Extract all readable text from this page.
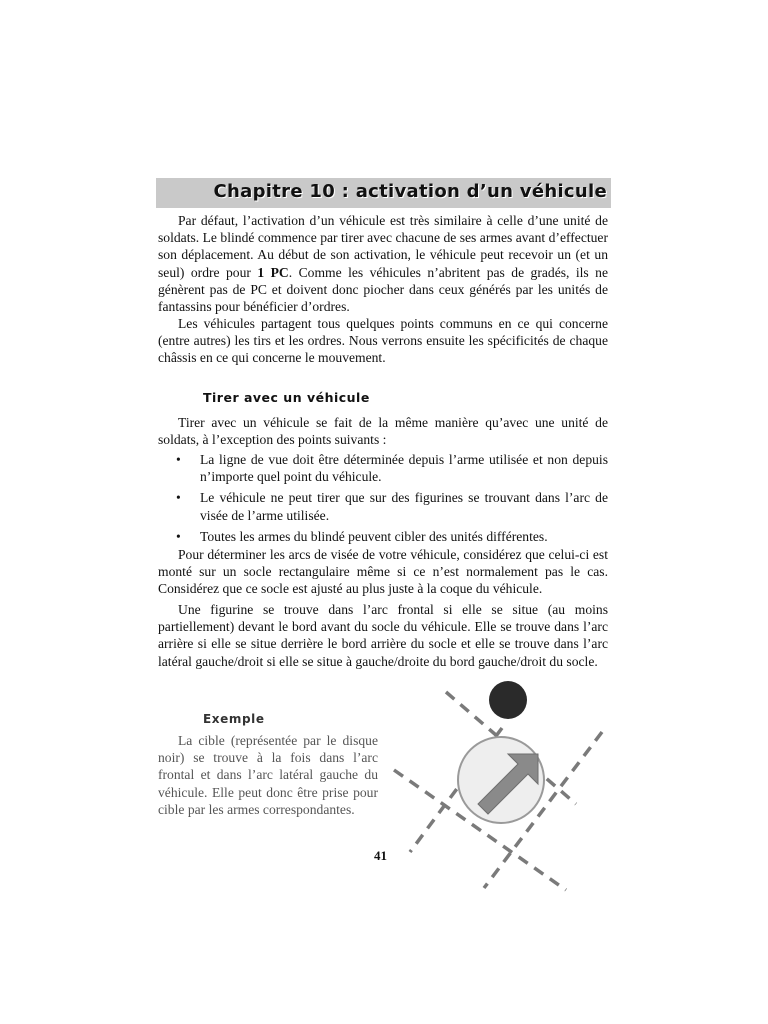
Chapitre 10 : activation d’un véhicule

Par défaut, l’activation d’un véhicule est très similaire à celle d’une unité de soldats. Le blindé commence par tirer avec chacune de ses armes avant d’effectuer son déplacement. Au début de son activation, le véhicule peut recevoir un (et un seul) ordre pour 1 PC. Comme les véhicules n’abritent pas de gradés, ils ne génèrent pas de PC et doivent donc piocher dans ceux générés par les unités de fantassins pour bénéficier d’ordres.

Les véhicules partagent tous quelques points communs en ce qui concerne (entre autres) les tirs et les ordres. Nous verrons ensuite les spécificités de chaque châssis en ce qui concerne le mouvement.

Tirer avec un véhicule

Tirer avec un véhicule se fait de la même manière qu’avec une unité de soldats, à l’exception des points suivants :

• La ligne de vue doit être déterminée depuis l’arme utilisée et non depuis n’importe quel point du véhicule.
• Le véhicule ne peut tirer que sur des figurines se trouvant dans l’arc de visée de l’arme utilisée.
• Toutes les armes du blindé peuvent cibler des unités différentes.

Pour déterminer les arcs de visée de votre véhicule, considérez que celui-ci est monté sur un socle rectangulaire même si ce n’est normalement pas le cas. Considérez que ce socle est ajusté au plus juste à la coque du véhicule.

Une figurine se trouve dans l’arc frontal si elle se situe (au moins partiellement) devant le bord avant du socle du véhicule. Elle se trouve dans l’arc arrière si elle se situe derrière le bord arrière du socle et elle se trouve dans l’arc latéral gauche/droit si elle se situe à gauche/droite du bord gauche/droit du socle.

Exemple

La cible (représentée par le disque noir) se trouve à la fois dans l’arc frontal et dans l’arc latéral gauche du véhicule. Elle peut donc être prise pour cible par les armes correspondantes.

41
